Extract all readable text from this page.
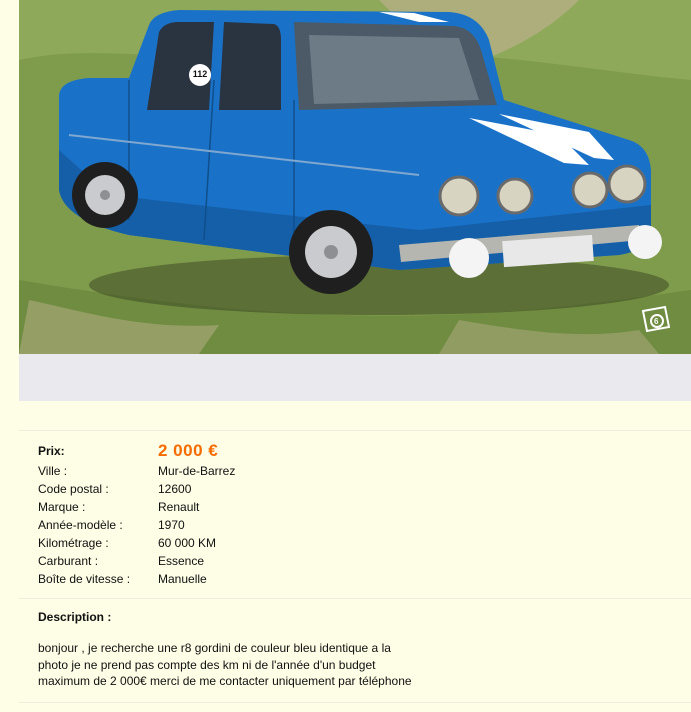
112
6
Prix:	2 000 €
Ville :	Mur-de-Barrez
Code postal :	12600
Marque :	Renault
Année-modèle :	1970
Kilométrage :	60 000 KM
Carburant :	Essence
Boîte de vitesse :	Manuelle
Description :
bonjour , je recherche une r8 gordini de couleur bleu identique a la
photo je ne prend pas compte des km ni de l'année d'un budget
maximum de 2 000€ merci de me contacter uniquement par téléphone
